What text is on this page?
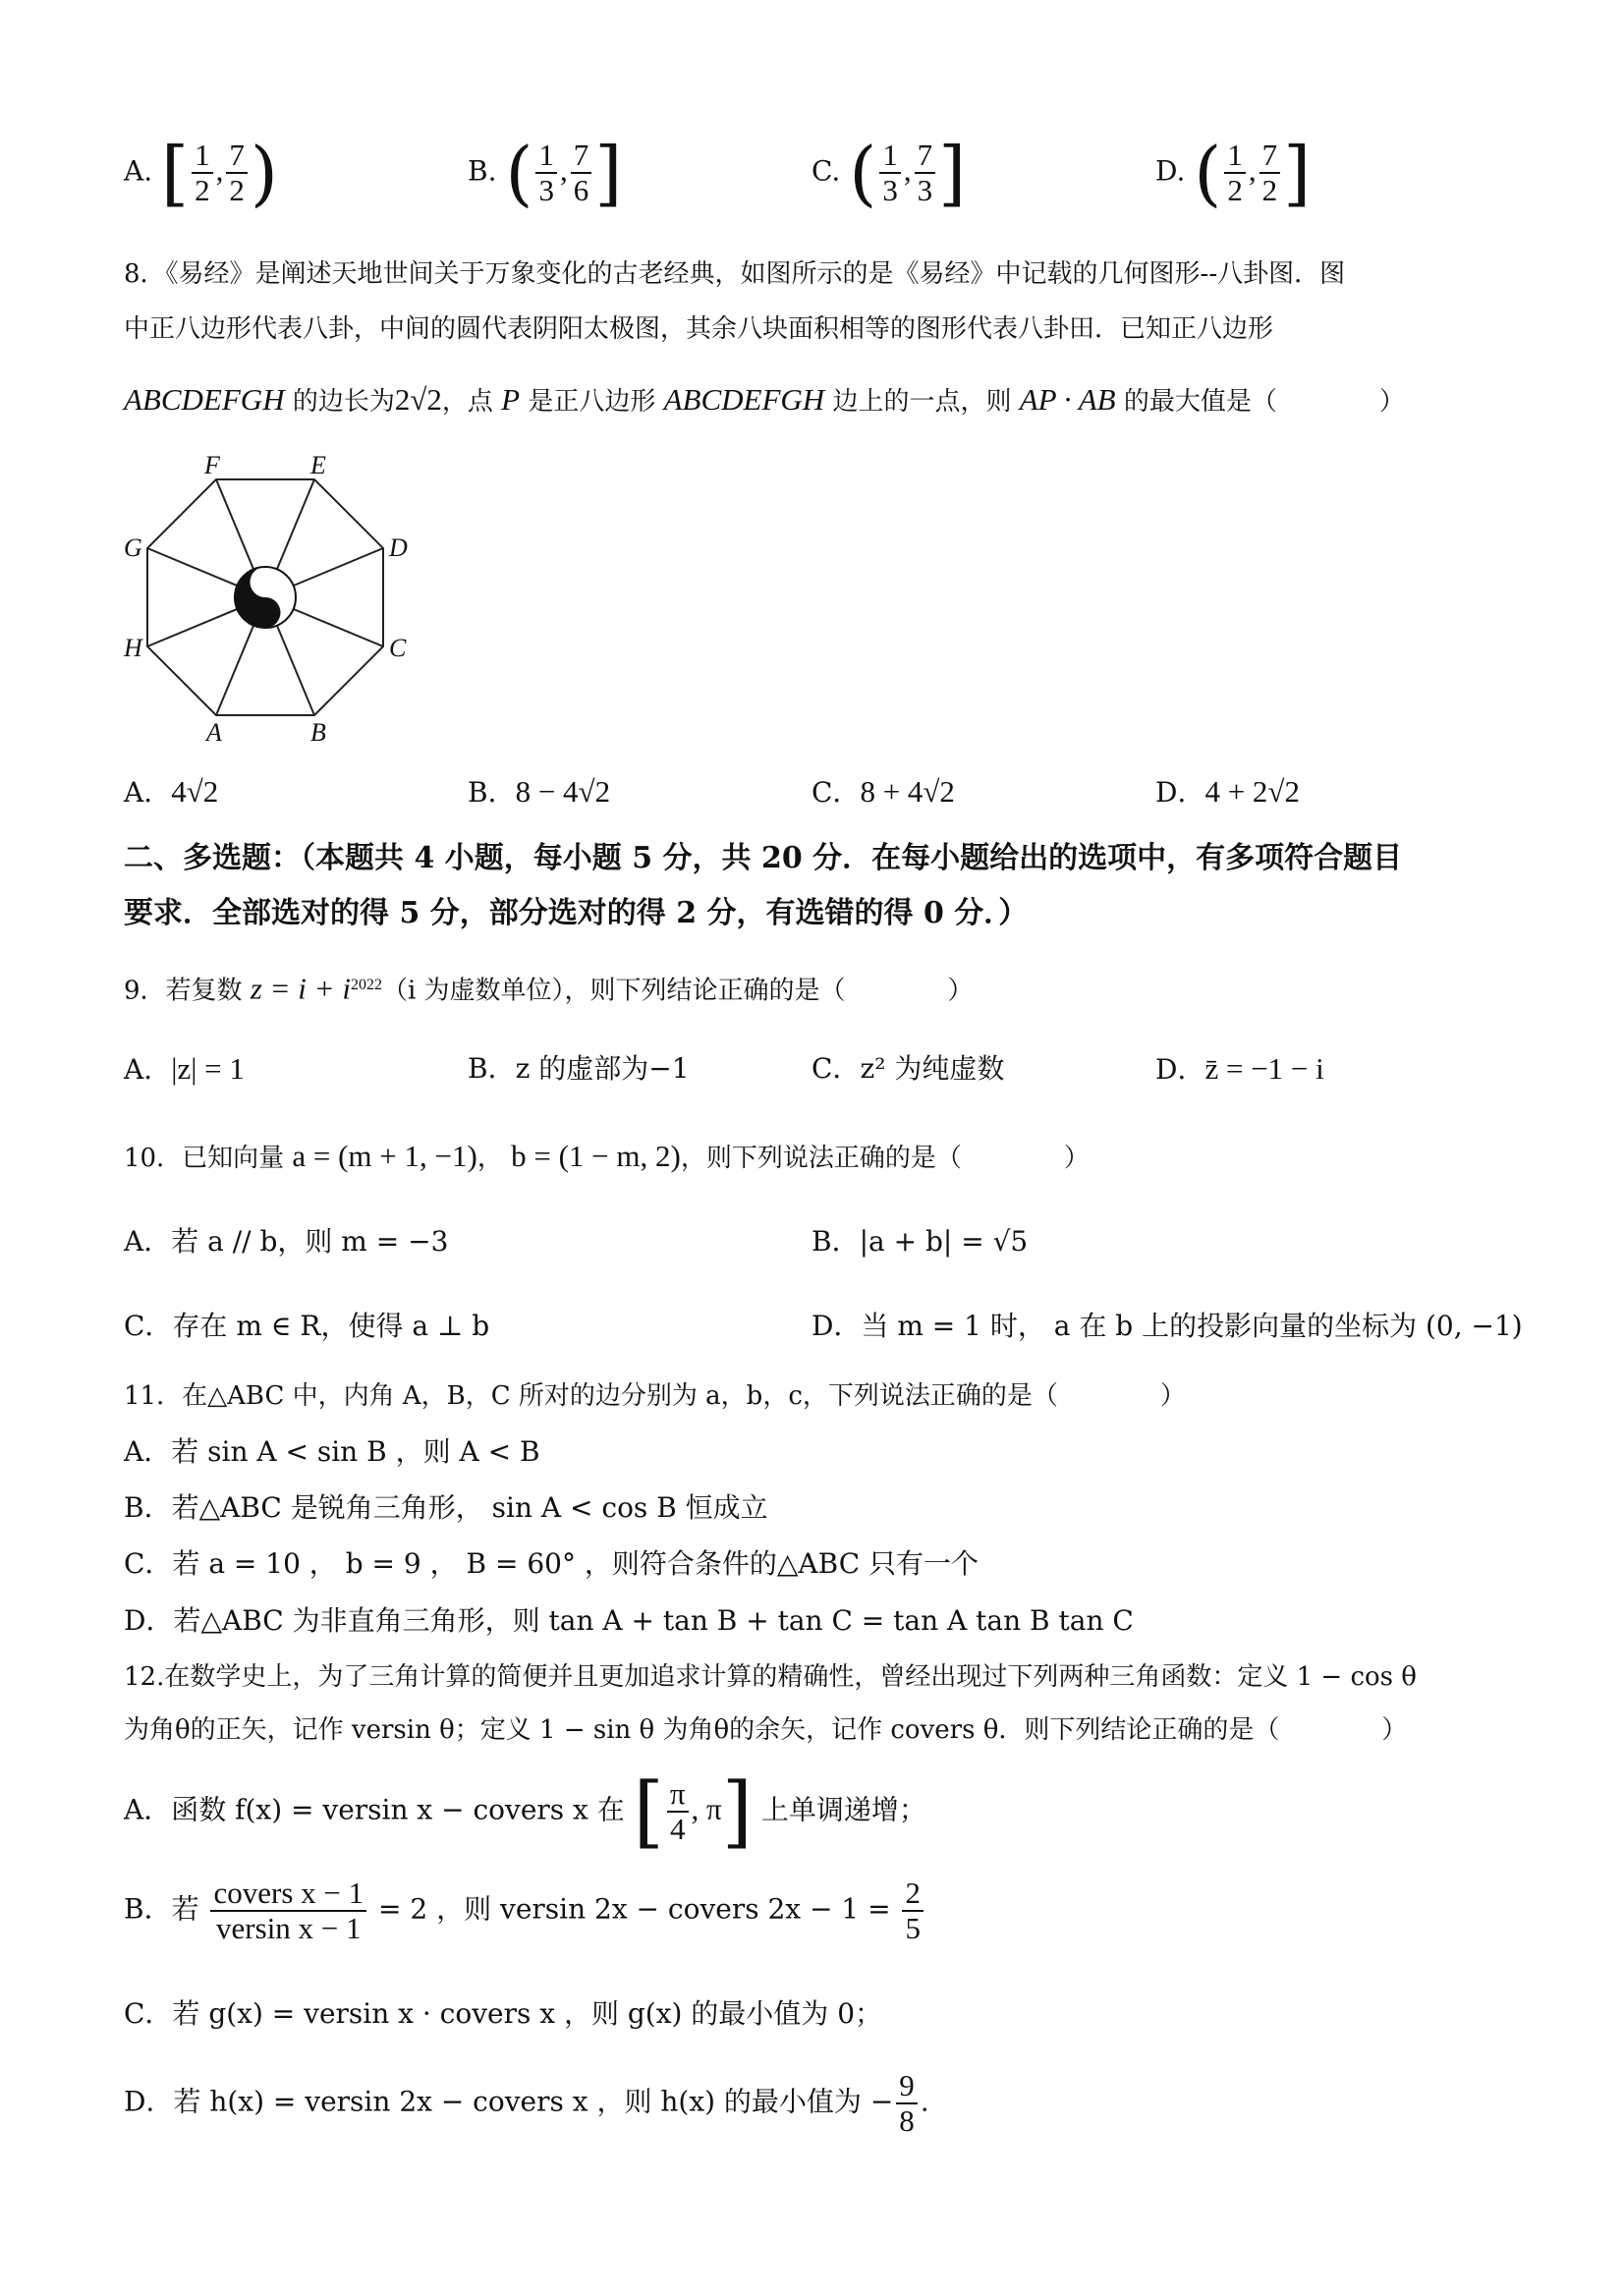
A. [ $\frac{1}{2}$ , $\frac{7}{2}$ )	B. ( $\frac{1}{3}$ , $\frac{7}{6}$ ]	C. ( $\frac{1}{3}$ , $\frac{7}{3}$ ]	D. ( $\frac{1}{2}$ , $\frac{7}{2}$ ]
8．《易经》是阐述天地世间关于万象变化的古老经典，如图所示的是《易经》中记载的几何图形--八卦图．图
中正八边形代表八卦，中间的圆代表阴阳太极图，其余八块面积相等的图形代表八卦田．已知正八边形
ABCDEFGH 的边长为2√2，点 P 是正八边形 ABCDEFGH 边上的一点，则 AP · AB 的最大值是（　　　　）
A	B
C
D
E
F
G
H
A．4√2	B．8 − 4√2	C．8 + 4√2	D．4 + 2√2
二、多选题：（本题共 4 小题，每小题 5 分，共 20 分．在每小题给出的选项中，有多项符合题目
要求．全部选对的得 5 分，部分选对的得 2 分，有选错的得 0 分．）
9．若复数 $z = i + i^{2022}(i$ 为虚数单位），则下列结论正确的是（　　　　）
A．|z| = 1	B．z 的虚部为−1	C．z² 为纯虚数	D．z̄ = −1 − i
10．已知向量 a = (m + 1, −1)， b = (1 − m, 2)，则下列说法正确的是（　　　　）
A．若 a // b，则 m = −3	B．|a + b| = √5
C．存在 m ∈ R，使得 a ⊥ b	D．当 m = 1 时， a 在 b 上的投影向量的坐标为 (0, −1)
11．在△ABC 中，内角 A，B，C 所对的边分别为 a，b，c，下列说法正确的是（　　　　）
A．若 sin A < sin B ，则 A < B
B．若△ABC 是锐角三角形， sin A < cos B 恒成立
C．若 a = 10 ， b = 9 ， B = 60° ，则符合条件的△ABC 只有一个
D．若△ABC 为非直角三角形，则 tan A + tan B + tan C = tan A tan B tan C
12.在数学史上，为了三角计算的简便并且更加追求计算的精确性，曾经出现过下列两种三角函数：定义 1 − cos θ
为角θ的正矢，记作 versin θ；定义 1 − sin θ 为角θ的余矢，记作 covers θ．则下列结论正确的是（　　　　）
A．函数 f(x) = versin x − covers x 在 [ $\frac{\pi}{4}$ , π] 上单调递增；
B．若 $\frac{\text{covers x − 1}}{\text{versin x − 1}} = 2$ ，则 versin 2x − covers $2x - 1 = \frac{2}{5}$
C．若 g(x) = versin x · covers x ，则 g(x) 的最小值为 0；
D．若 h(x) = versin 2x − covers x ，则 h(x) 的最小值为 − $\frac{9}{8}$ .
